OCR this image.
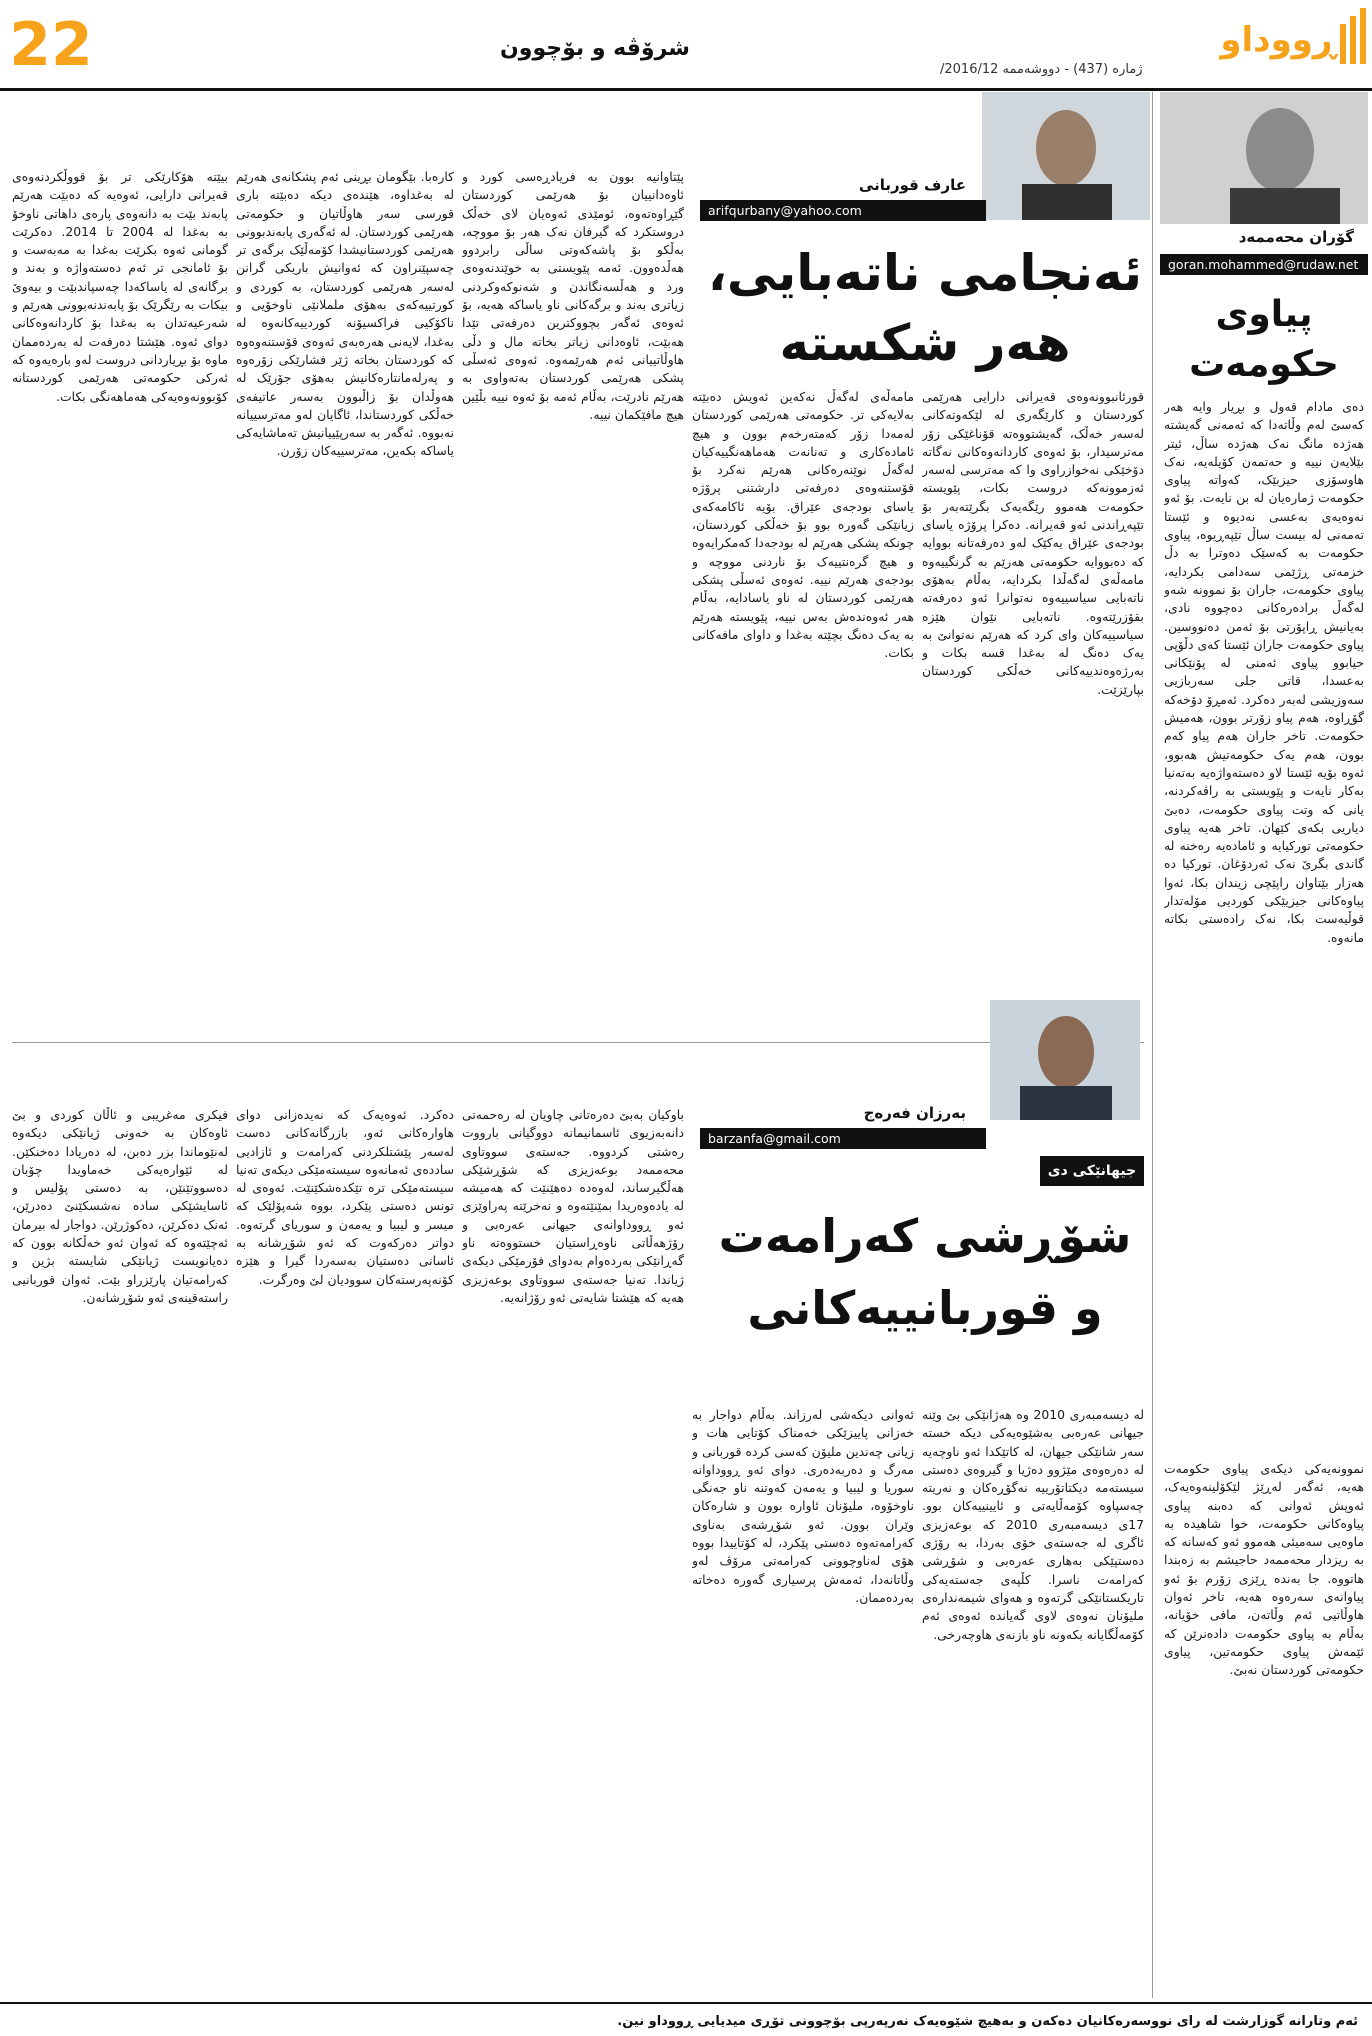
22	شرۆڤە و بۆچوون
ژمارە (437) - دووشەممە 2016/12/
ڕووداو
گۆران محەممەد
goran.mohammed@rudaw.net
پیاوی حکومەت

دەی مادام قەول و بڕیار وایە هەر کەسێ لەم وڵاتەدا کە ئەمەنی گەیشتە هەژدە مانگ نەک هەژدە ساڵ، ئیتر بێلایەن نییە و حەتمەن کۆیلەیە، نەک هاوسۆزی حیزبێک، کەواتە پیاوی حکومەت ژمارەیان لە بن نایەت. بۆ ئەو نەوەیەی بەعسی نەدیوە و ئێستا تەمەنی لە بیست ساڵ تێپەڕیوە، پیاوی حکومەت بە کەسێک دەوترا بە دڵ خزمەتی ڕژێمی سەدامی بکردایە، پیاوی حکومەت، جاران بۆ نموونە شەو لەگەڵ برادەرەکانی دەچووە نادی، بەیانیش ڕاپۆرتی بۆ ئەمن دەنووسین. پیاوی حکومەت جاران ئێستا کەی دڵۆپی حیابوو پیاوی ئەمنی لە پۆنێکانی بەعسدا، قاتی جلی سەربازیی سەوزیشی لەبەر دەکرد. ئەمڕۆ دۆخەکە گۆڕاوە، هەم پیاو زۆرتر بوون، هەمیش حکومەت. تاخر جاران هەم پیاو کەم بوون، هەم یەک حکومەتیش هەبوو، ئەوە بۆیە ئێستا لاو دەستەواژەیە بەتەنیا بەکار نایەت و پێویستی بە راڤەکردنە، یانی کە وتت پیاوی حکومەت، دەبێ دیاریی بکەی کێهان. تاخر هەیە پیاوی حکومەتی تورکیایە و ئامادەیە رەخنە لە گاندی بگرێ نەک ئەردۆغان. تورکیا دە هەزار بێتاوان راپێچی زیندان بکا، ئەوا پیاوەکانی جیزیێکی کوردیی مۆلەتدار قوڵیەست بکا، نەک رادەستی بکاتە مانەوە.

نموونەیەکی دیکەی پیاوی حکومەت هەیە، ئەگەر لەڕێژ لێکۆلینەوەیەک، ئەوپش ئەوانی کە دەبنە پیاوی پیاوەکانی حکومەت، خوا شاهیدە بە ماوەیی سەمیئی هەموو ئەو کەسانە کە بە ریزدار محەممەد حاجیشم بە زەبندا هاتووە. جا بەندە ڕێزی زۆرم بۆ ئەو پیاوانەی سەرەوە هەیە، تاخر ئەوان هاوڵاتیی ئەم وڵاتەن، مافی خۆیانە، بەڵام بە پیاوی حکومەت دادەنرێن کە ئێمەش پیاوی حکومەتین، پیاوی حکومەتی کوردستان نەبێ.

عارف قوربانی
arifqurbany@yahoo.com
ئەنجامی ناتەبایی، هەر شکستە

قورئانبوونەوەی قەیرانی دارایی هەرێمی کوردستان و کارێگەری لە لێکەوتەکانی لەسەر خەڵک، گەیشتووەتە قۆناغێکی زۆر مەترسیدار، بۆ ئەوەی کاردانەوەکانی نەگاتە دۆخێکی نەخوازراوی وا کە مەترسی لەسەر ئەزموونەکە دروست بکات، پێویستە حکومەت هەموو رێگەیەک بگرێتەبەر بۆ تێپەڕاندنی ئەو قەیرانە. دەکرا پرۆژە یاسای بودجەی عێراق یەکێک لەو دەرفەتانە بووایە کە دەبووایە حکومەتی هەرێم بە گرنگییەوە مامەڵەی لەگەڵدا بکردایە، بەڵام بەهۆی ناتەبایی سیاسییەوە نەتوانرا ئەو دەرفەتە بقۆزرێتەوە. ناتەبایی نێوان هێزە سیاسییەکان وای کرد کە هەرێم نەتوانێ بە یەک دەنگ لە بەغدا قسە بکات و بەرژەوەندییەکانی خەڵکی کوردستان بپارێزێت.

مامەڵەی لەگەڵ نەکەین ئەویش دەبێتە بەلایەکی تر. حکومەتی هەرێمی کوردستان لەمەدا زۆر کەمتەرخەم بوون و هیچ ئامادەکاری و تەنانەت هەماهەنگییەکیان لەگەڵ نوێنەرەکانی هەرێم نەکرد بۆ قۆستنەوەی دەرفەتی دارشتنی پرۆژە یاسای بودجەی عێراق. بۆیە ئاکامەکەی زیانێکی گەورە بوو بۆ خەڵکی کوردستان، چونکە پشکی هەرێم لە بودجەدا کەمکرایەوە و هیچ گرەنتییەک بۆ ناردنی مووچە و بودجەی هەرێم نییە. ئەوەی ئەسڵی پشکی هەرێمی کوردستان لە ناو یاسادایە، بەڵام هەر ئەوەندەش بەس نییە، پێویستە هەرێم بە یەک دەنگ بچێتە بەغدا و داوای مافەکانی بکات.

پێتاوانیە بوون بە فریادڕەسی کورد و ئاوەدانییان بۆ هەرێمی کوردستان گێڕاوەتەوە، ئومێدی ئەوەیان لای خەڵک دروستکرد کە گیرفان نەک هەر بۆ مووچە، بەڵکو بۆ پاشەکەوتی ساڵی رابردوو هەڵدەوون. ئەمە پێویستی بە خوێندنەوەی ورد و هەڵسەنگاندن و شەنوکەوکردنی زیاتری بەند و برگەکانی ناو یاساکە هەیە، بۆ ئەوەی ئەگەر بچووکترین دەرفەتی تێدا هەبێت، ئاوەدانی زیاتر بخاتە مال و دڵی هاوڵاتییانی ئەم هەرێمەوە. ئەوەی ئەسڵی پشکی هەرێمی کوردستان بەتەواوی بە هەرێم نادرێت، بەڵام ئەمە بۆ ئەوە نییە بڵێین هیچ مافێکمان نییە.

کارەبا. بێگومان بڕینی ئەم پشکانەی هەرێم لە بەغداوە، هێندەی دیکە دەبێتە باری قورسی سەر هاوڵاتیان و حکومەتی هەرێمی کوردستان. لە ئەگەری پابەندبوونی هەرێمی کوردستانیشدا کۆمەڵێک برگەی تر چەسپێنراون کە ئەوانیش باریکی گرانن لەسەر هەرێمی کوردستان، بە کوردی و کورتییەکەی بەهۆی ململانێی ناوخۆیی و ناکۆکیی فراکسیۆنە کوردییەکانەوە لە بەغدا، لایەنی هەرەبەی ئەوەی قۆستنەوەوە کە کوردستان بخاتە ژێر فشارێکی زۆرەوە و پەرلەمانتارەکانیش بەهۆی جۆرێک لە هەوڵدان بۆ زاڵبوون بەسەر عاتیفەی خەڵکی کوردستاندا، ئاگایان لەو مەترسییانە نەبووە. ئەگەر بە سەرپێییانیش تەماشایەکی یاساکە بکەین، مەترسییەکان زۆرن.

بیێتە هۆکارێکی تر بۆ قووڵکردنەوەی قەیرانی دارایی، ئەوەیە کە دەبێت هەرێم پابەند بێت بە دانەوەی پارەی داهاتی ناوخۆ بە بەغدا لە 2004 تا 2014. دەکرێت گومانی ئەوە بکرێت بەغدا بە مەبەست و بۆ ئامانجی تر ئەم دەستەواژە و بەند و برگانەی لە یاساکەدا چەسپاندبێت و بیەوێ بیکات بە رێگرێک بۆ پابەندنەبوونی هەرێم و شەرعیەتدان بە بەغدا بۆ کاردانەوەکانی دوای ئەوە. هێشتا دەرفەت لە بەردەممان ماوە بۆ بڕیاردانی دروست لەو بارەیەوە کە ئەرکی حکومەتی هەرێمی کوردستانە کۆبوونەوەیەکی هەماهەنگی بکات.

بەرزان فەرەج
barzanfa@gmail.com
جیهانێکی دی
شۆڕشی کەرامەت و قوربانییەکانی

لە دیسەمبەری 2010 وە هەژانێکی بێ وێنە جیهانی عەرەبی بەشێوەیەکی دیکە خستە سەر شانێکی جیهان، لە کاتێکدا ئەو ناوچەیە لە دەرەوەی مێژوو دەژیا و گیروەی دەستی سیستەمە دیکتاتۆرییە نەگۆڕەکان و نەریتە چەسپاوە کۆمەڵایەتی و ئایینییەکان بوو. 17ی دیسەمبەری 2010 کە بوعەزیزی ئاگری لە جەستەی خۆی بەردا، بە رۆژی دەستپێکی بەهاری عەرەبی و شۆڕشی کەرامەت ناسرا. کڵپەی جەستەیەکی تاریکستانێکی گرتەوە و هەوای شیمەندارەی ملیۆنان نەوەی لاوی گەیاندە ئەوەی ئەم کۆمەڵگایانە بکەونە ناو بازنەی هاوچەرخی.

ئەوانی دیکەشی لەرزاند. بەڵام دواجار بە خەزانی پاییزێکی خەمناک کۆتایی هات و زیانی چەندین ملیۆن کەسی کرده قوربانی و مەرگ و دەربەدەری. دوای ئەو ڕووداوانە سوریا و لیبیا و یەمەن کەوتنە ناو جەنگی ناوخۆوە، ملیۆنان ئاوارە بوون و شارەکان وێران بوون. ئەو شۆڕشەی بەناوی کەرامەتەوە دەستی پێکرد، لە کۆتاییدا بووە هۆی لەناوچوونی کەرامەتی مرۆڤ لەو وڵاتانەدا، ئەمەش پرسیاری گەورە دەخاتە بەردەممان.

باوکیان بەبێ دەرەتانی چاویان لە رەحمەتی دانەبەزیوی ئاسمانیمانە دووگیانی بارووت رەشتی کردووە. جەستەی سووتاوی محەممەد بوعەزیزی کە شۆڕشێکی هەڵگیرساند، لەوەدە دەهێنێت کە هەمیشە لە یادەوەریدا بمێنێتەوە و نەخرێتە پەراوێزی ئەو ڕووداوانەی جیهانی عەرەبی و رۆژهەڵاتی ناوەڕاستیان خستووەتە ناو گەڕانێکی بەردەوام بەدوای فۆرمێکی دیکەی ژیاندا. تەنیا جەستەی سووتاوی بوعەزیزی هەیە کە هێشتا شایەتی ئەو رۆژانەیە.

دەکرد. ئەوەیەک کە نەیدەزانی دوای هاوارەکانی ئەو، بازرگانەکانی دەست لەسەر پێشتلکردنی کەرامەت و ئازادیی ساددەی ئەمانەوە سیستەمێکی دیکەی تەنیا سیستەمێکی ترە تێکدەشکێنێت. ئەوەی لە تونس دەستی پێکرد، بووە شەپۆلێک کە میسر و لیبیا و یەمەن و سوریای گرتەوە. دواتر دەرکەوت کە ئەو شۆڕشانە بە ئاسانی دەستیان بەسەردا گیرا و هێزە کۆنەپەرستەکان سوودیان لێ وەرگرت.

فیکری مەغریبی و ئاڵان کوردی و بێ ئاوەکان بە خەونی ژیانێکی دیکەوە لەنێوماندا بزر دەبن، لە دەریادا دەخنکێن. لە ئێوارەیەکی خەماویدا چۆبان دەسووتێنێن، بە دەستی پۆلیس و ئاسایشێکی سادە نەشسکێنێ دەدرێن، ئەنک دەکرێن، دەکوژرێن. دواجار لە بیرمان ئەچێتەوە کە ئەوان ئەو خەڵکانە بوون کە دەیانویست ژیانێکی شایستە بژین و کەرامەتیان پارێزراو بێت. ئەوان قوربانیی راستەقینەی ئەو شۆڕشانەن.

ئەم وتارانە گوزارشت لە رای نووسەرەکانیان دەکەن و بەهیچ شێوەیەک نەرپەرپی بۆچوونی تۆڕی میدیایی ڕووداو نین.
